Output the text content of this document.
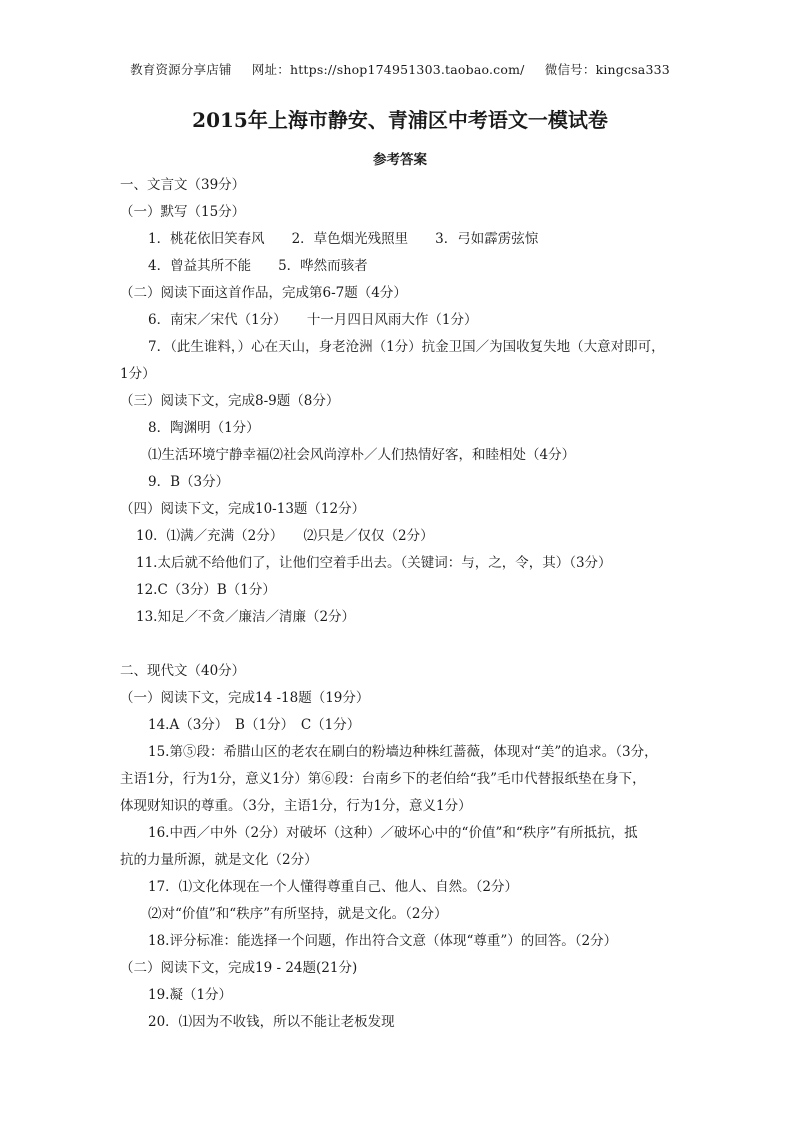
教育资源分享店铺 网址：https://shop174951303.taobao.com/ 微信号：kingcsa333
2015年上海市静安、青浦区中考语文一模试卷
参考答案
一、文言文（39分）
（一）默写（15分）
1．桃花依旧笑春风　　2．草色烟光残照里　　3．弓如霹雳弦惊
4．曾益其所不能　　5．哗然而骇者
（二）阅读下面这首作品，完成第6-7题（4分）
6．南宋／宋代（1分）　　十一月四日风雨大作（1分）
7．（此生谁料，）心在天山，身老沧洲（1分）抗金卫国／为国收复失地（大意对即可，
1分）
（三）阅读下文，完成8-9题（8分）
8．陶渊明（1分）
⑴生活环境宁静幸福⑵社会风尚淳朴／人们热情好客，和睦相处（4分）
9．B（3分）
（四）阅读下文，完成10-13题（12分）
10．⑴满／充满（2分）　　⑵只是／仅仅（2分）
11.太后就不给他们了，让他们空着手出去。（关键词：与，之，令，其）（3分）
12.C（3分）B（1分）
13.知足／不贪／廉洁／清廉（2分）
二、现代文（40分）
（一）阅读下文，完成14 -18题（19分）
14.A（3分）　B（1分）　C（1分）
15.第⑤段：希腊山区的老农在刷白的粉墙边种株红蔷薇，体现对“美”的追求。（3分，
主语1分，行为1分，意义1分）第⑥段：台南乡下的老伯给“我”毛巾代替报纸垫在身下，
体现财知识的尊重。（3分，主语1分，行为1分，意义1分）
16.中西／中外（2分）对破坏（这种）／破坏心中的“价值”和“秩序”有所抵抗，抵
抗的力量所源，就是文化（2分）
17．⑴文化体现在一个人懂得尊重自己、他人、自然。（2分）
⑵对“价值”和“秩序”有所坚持，就是文化。（2分）
18.评分标准：能选择一个问题，作出符合文意（体现“尊重”）的回答。（2分）
（二）阅读下文，完成19 - 24题(21分)
19.凝（1分）
20．⑴因为不收钱，所以不能让老板发现
